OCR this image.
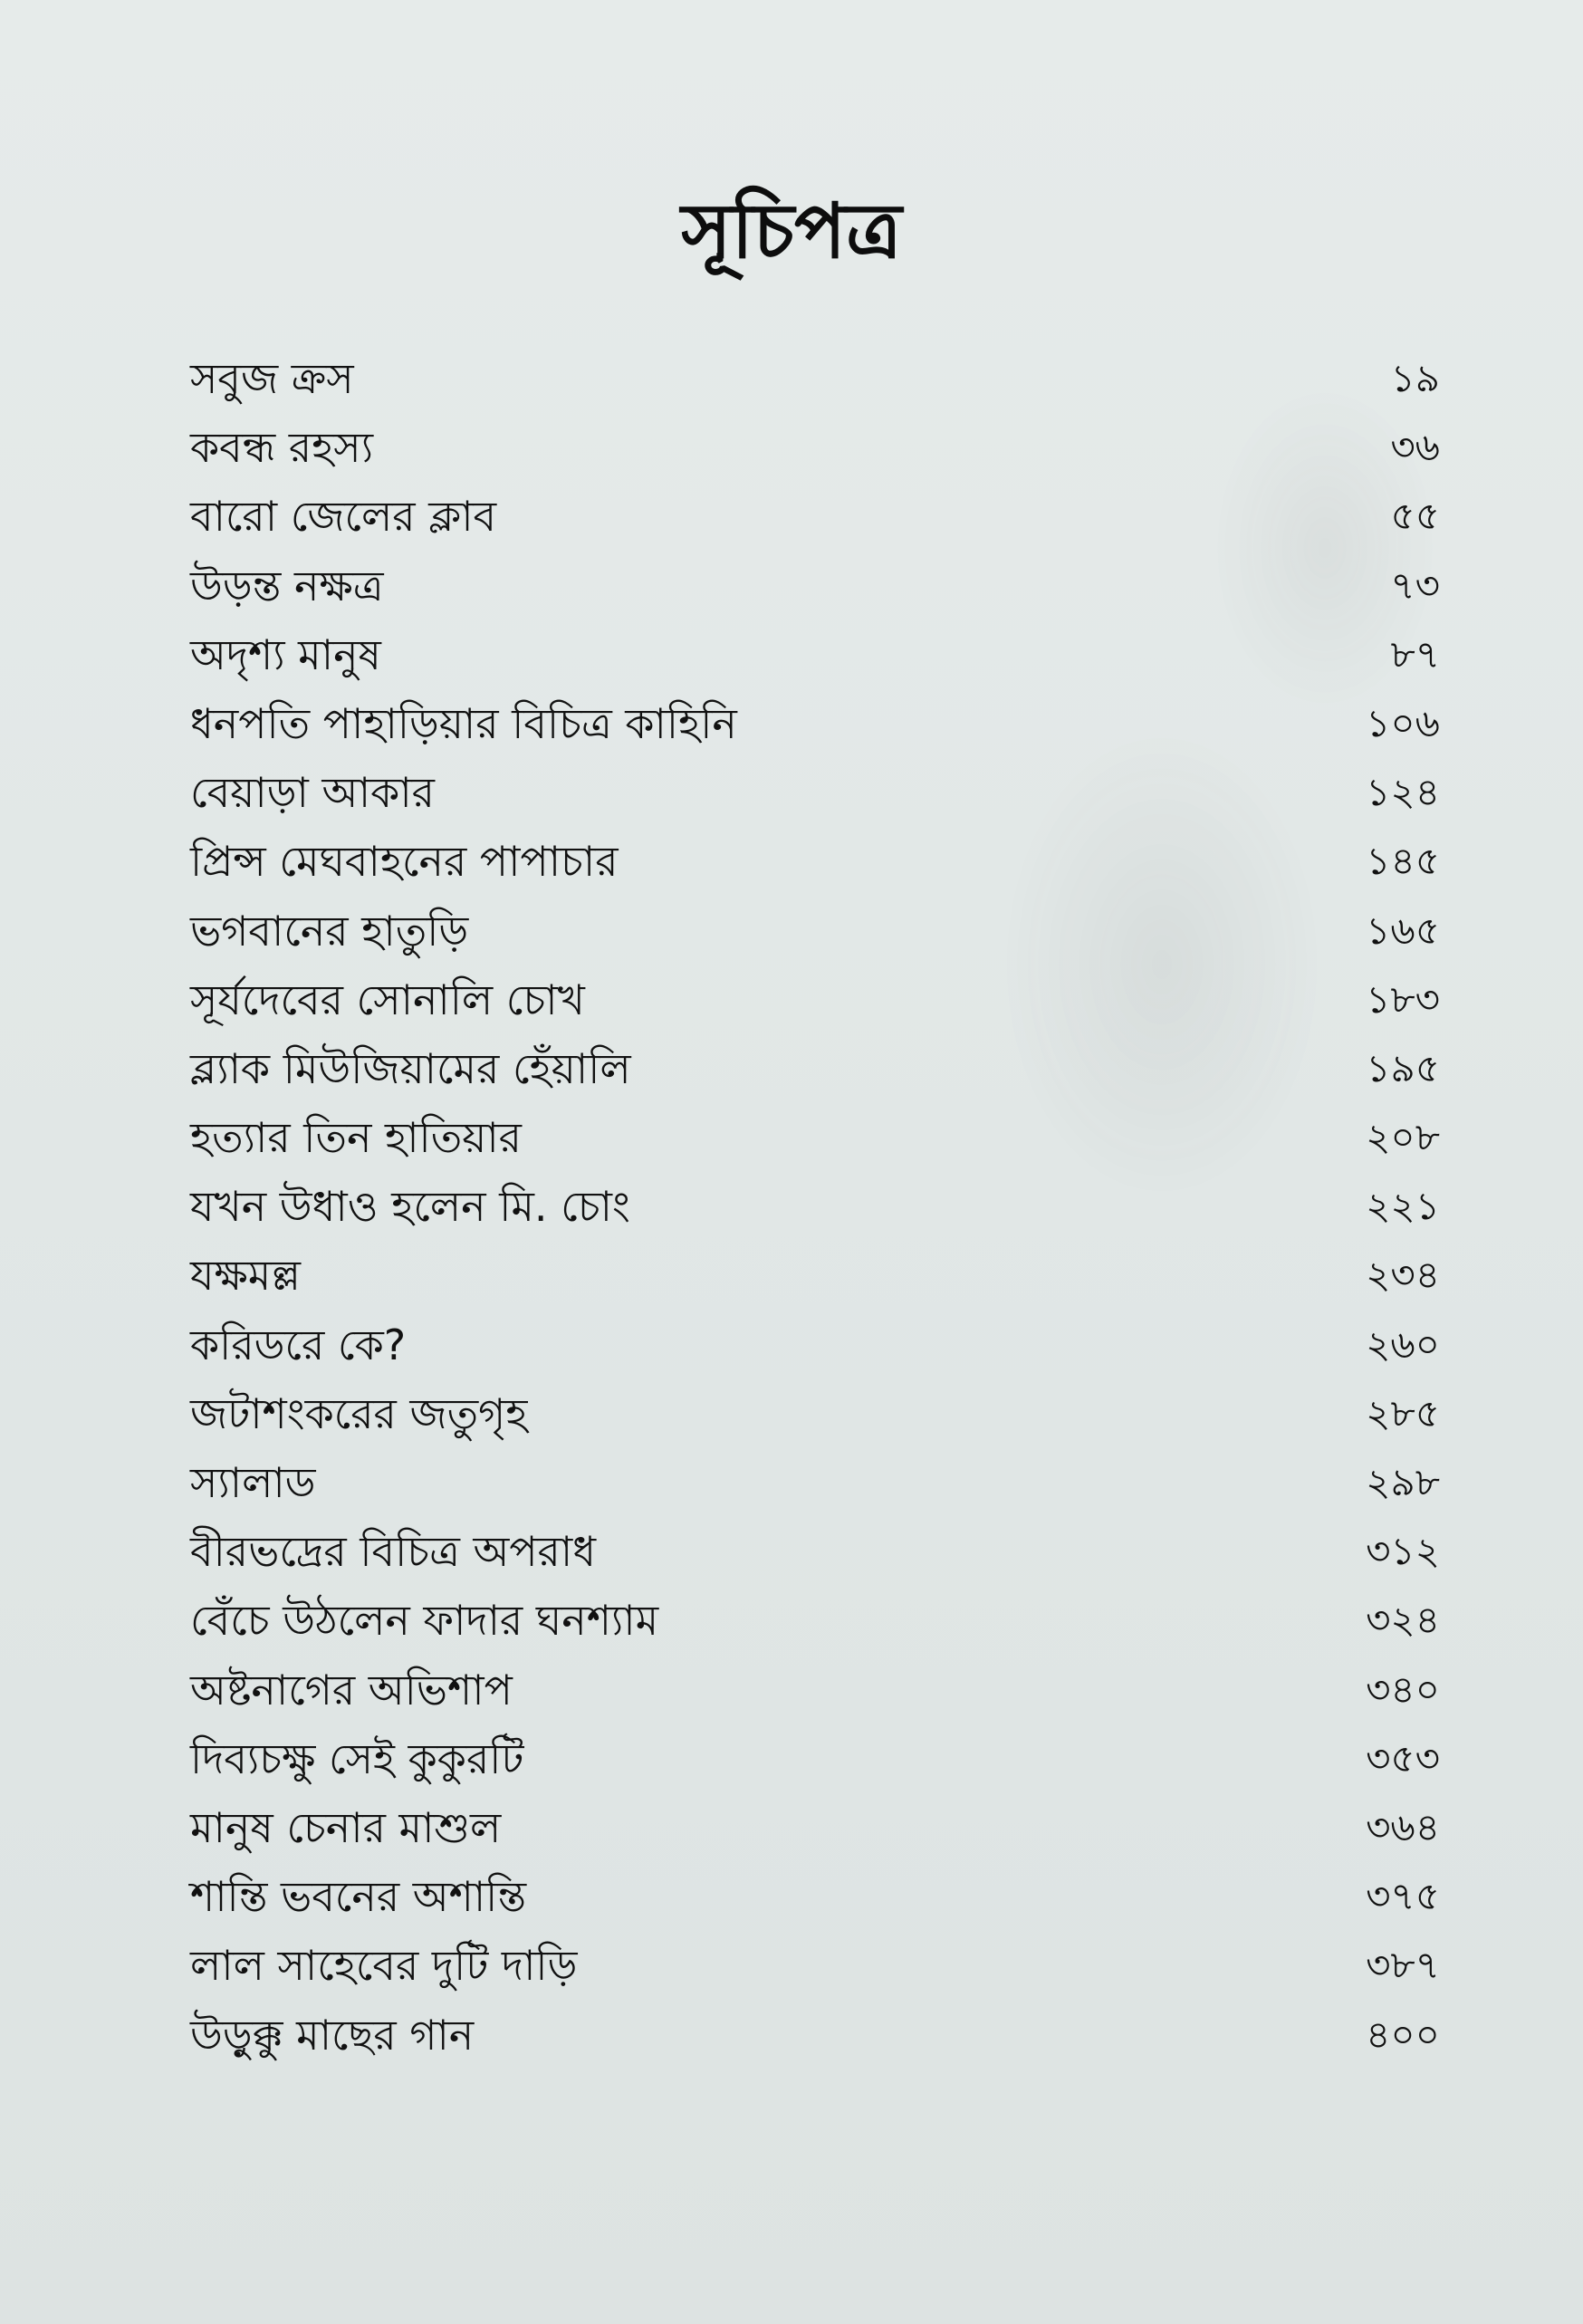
সূচিপত্র
সবুজ ক্রস	১৯
কবন্ধ রহস্য	৩৬
বারো জেলের ক্লাব	৫৫
উড়ন্ত নক্ষত্র	৭৩
অদৃশ্য মানুষ	৮৭
ধনপতি পাহাড়িয়ার বিচিত্র কাহিনি	১০৬
বেয়াড়া আকার	১২৪
প্রিন্স মেঘবাহনের পাপাচার	১৪৫
ভগবানের হাতুড়ি	১৬৫
সূর্যদেবের সোনালি চোখ	১৮৩
ব্ল্যাক মিউজিয়ামের হেঁয়ালি	১৯৫
হত্যার তিন হাতিয়ার	২০৮
যখন উধাও হলেন মি. চোং	২২১
যক্ষমল্ল	২৩৪
করিডরে কে?	২৬০
জটাশংকরের জতুগৃহ	২৮৫
স্যালাড	২৯৮
বীরভদ্রের বিচিত্র অপরাধ	৩১২
বেঁচে উঠলেন ফাদার ঘনশ্যাম	৩২৪
অষ্টনাগের অভিশাপ	৩৪০
দিব্যচক্ষু সেই কুকুরটি	৩৫৩
মানুষ চেনার মাশুল	৩৬৪
শান্তি ভবনের অশান্তি	৩৭৫
লাল সাহেবের দুটি দাড়ি	৩৮৭
উড়ুক্কু মাছের গান	৪০০
